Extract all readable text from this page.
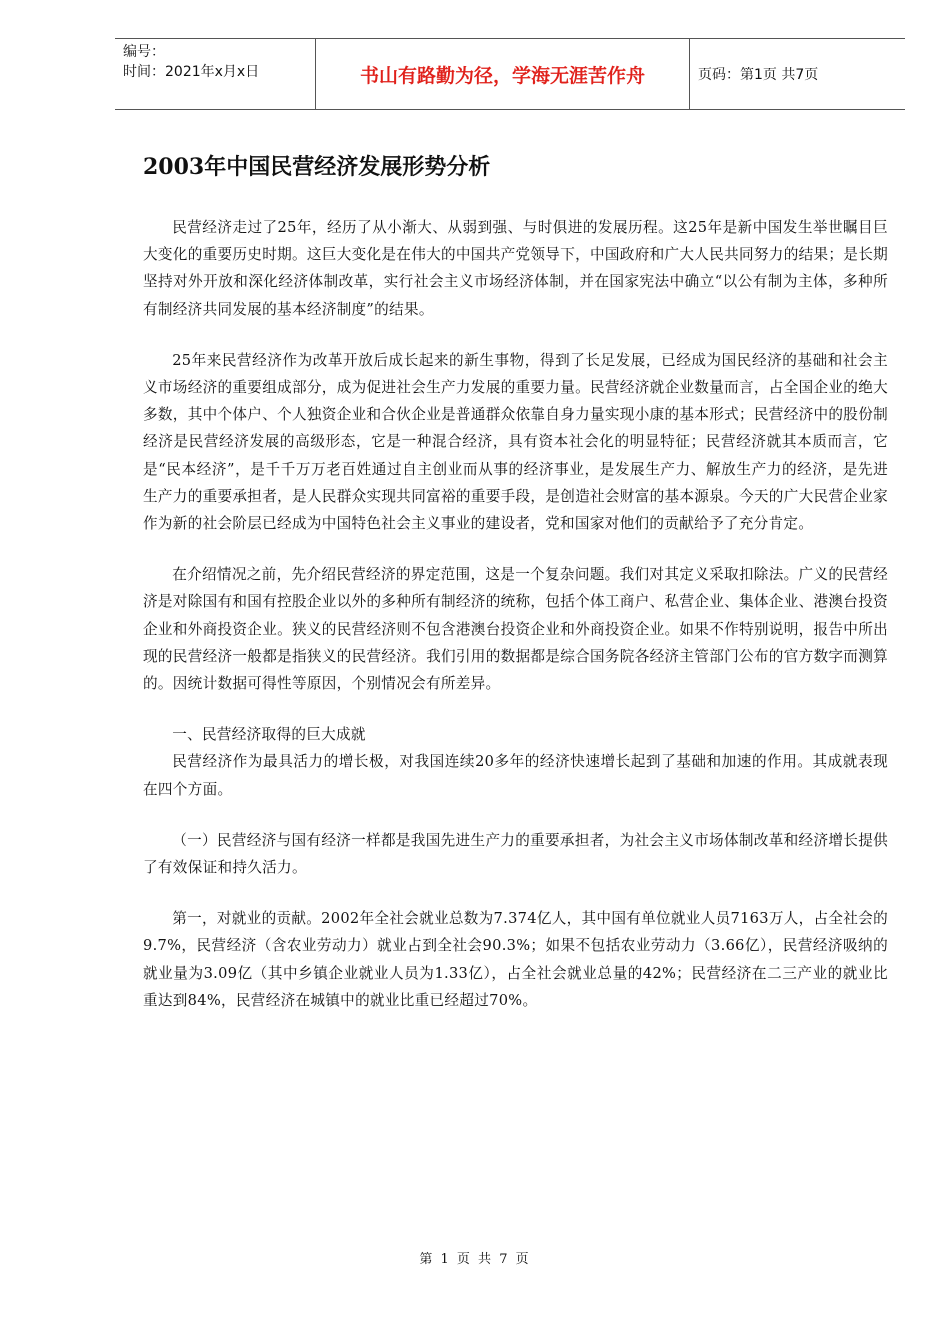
编号：
时间：2021年x月x日	书山有路勤为径，学海无涯苦作舟	页码：第1页 共7页
2003年中国民营经济发展形势分析

民营经济走过了25年，经历了从小渐大、从弱到强、与时俱进的发展历程。这25年是新中国发生举世瞩目巨大变化的重要历史时期。这巨大变化是在伟大的中国共产党领导下，中国政府和广大人民共同努力的结果；是长期坚持对外开放和深化经济体制改革，实行社会主义市场经济体制，并在国家宪法中确立“以公有制为主体，多种所有制经济共同发展的基本经济制度”的结果。

25年来民营经济作为改革开放后成长起来的新生事物，得到了长足发展，已经成为国民经济的基础和社会主义市场经济的重要组成部分，成为促进社会生产力发展的重要力量。民营经济就企业数量而言，占全国企业的绝大多数，其中个体户、个人独资企业和合伙企业是普通群众依靠自身力量实现小康的基本形式；民营经济中的股份制经济是民营经济发展的高级形态，它是一种混合经济，具有资本社会化的明显特征；民营经济就其本质而言，它是“民本经济”，是千千万万老百姓通过自主创业而从事的经济事业，是发展生产力、解放生产力的经济，是先进生产力的重要承担者，是人民群众实现共同富裕的重要手段，是创造社会财富的基本源泉。今天的广大民营企业家作为新的社会阶层已经成为中国特色社会主义事业的建设者，党和国家对他们的贡献给予了充分肯定。

在介绍情况之前，先介绍民营经济的界定范围，这是一个复杂问题。我们对其定义采取扣除法。广义的民营经济是对除国有和国有控股企业以外的多种所有制经济的统称，包括个体工商户、私营企业、集体企业、港澳台投资企业和外商投资企业。狭义的民营经济则不包含港澳台投资企业和外商投资企业。如果不作特别说明，报告中所出现的民营经济一般都是指狭义的民营经济。我们引用的数据都是综合国务院各经济主管部门公布的官方数字而测算的。因统计数据可得性等原因，个别情况会有所差异。

一、民营经济取得的巨大成就

民营经济作为最具活力的增长极，对我国连续20多年的经济快速增长起到了基础和加速的作用。其成就表现在四个方面。

（一）民营经济与国有经济一样都是我国先进生产力的重要承担者，为社会主义市场体制改革和经济增长提供了有效保证和持久活力。

第一，对就业的贡献。2002年全社会就业总数为7.374亿人，其中国有单位就业人员7163万人，占全社会的9.7%，民营经济（含农业劳动力）就业占到全社会90.3%；如果不包括农业劳动力（3.66亿），民营经济吸纳的就业量为3.09亿（其中乡镇企业就业人员为1.33亿），占全社会就业总量的42%；民营经济在二三产业的就业比重达到84%，民营经济在城镇中的就业比重已经超过70%。

第 1 页 共 7 页
